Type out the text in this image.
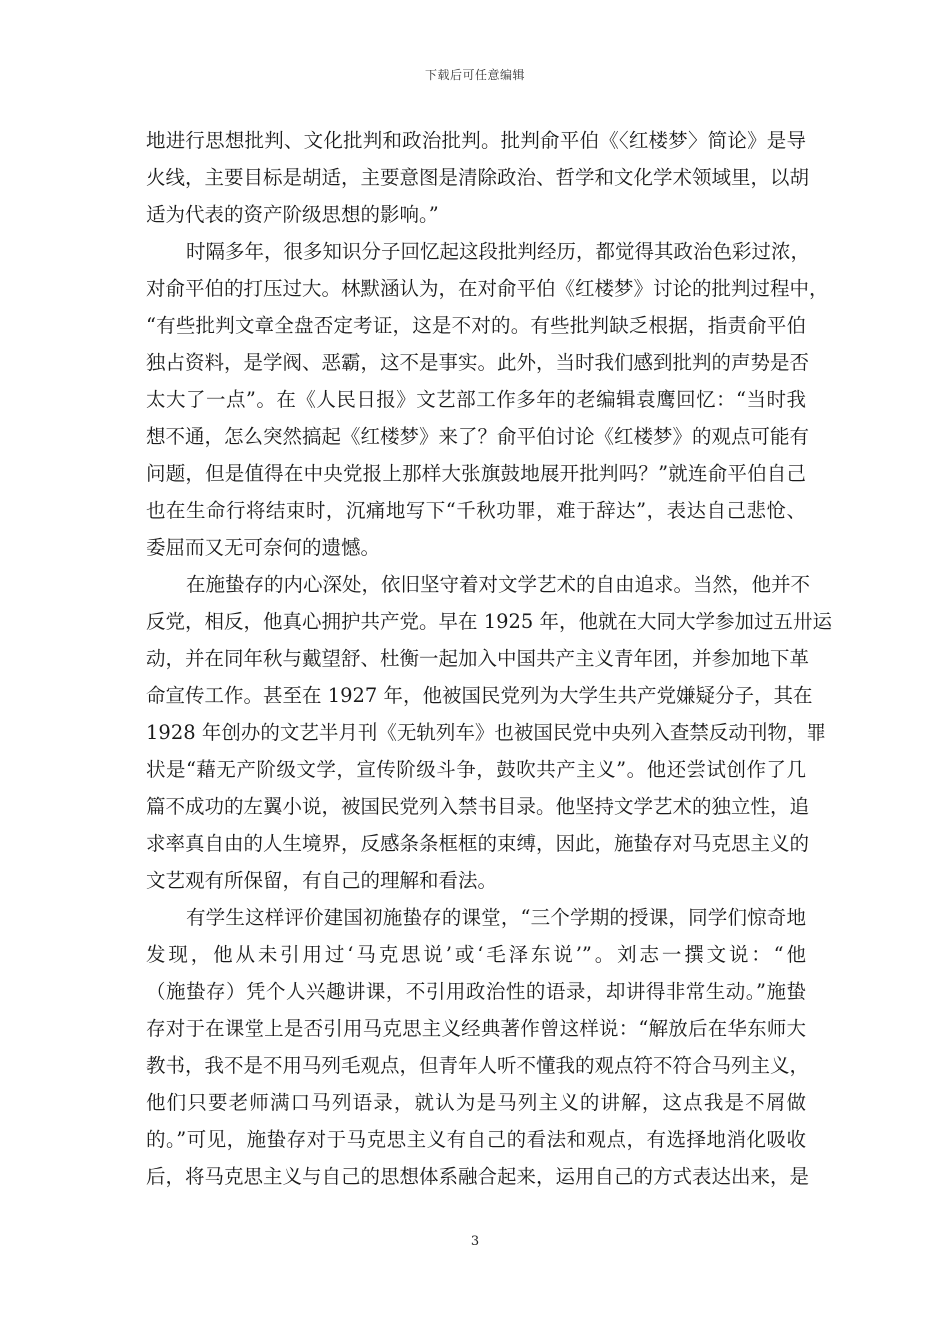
下载后可任意编辑
地进行思想批判、文化批判和政治批判。批判俞平伯《〈红楼梦〉简论》是导
火线，主要目标是胡适，主要意图是清除政治、哲学和文化学术领域里，以胡
适为代表的资产阶级思想的影响。”
时隔多年，很多知识分子回忆起这段批判经历，都觉得其政治色彩过浓，
对俞平伯的打压过大。林默涵认为，在对俞平伯《红楼梦》讨论的批判过程中，
“有些批判文章全盘否定考证，这是不对的。有些批判缺乏根据，指责俞平伯
独占资料，是学阀、恶霸，这不是事实。此外，当时我们感到批判的声势是否
太大了一点”。在《人民日报》文艺部工作多年的老编辑袁鹰回忆：“当时我
想不通，怎么突然搞起《红楼梦》来了？俞平伯讨论《红楼梦》的观点可能有
问题，但是值得在中央党报上那样大张旗鼓地展开批判吗？”就连俞平伯自己
也在生命行将结束时，沉痛地写下“千秋功罪，难于辞达”，表达自己悲怆、
委屈而又无可奈何的遗憾。
在施蛰存的内心深处，依旧坚守着对文学艺术的自由追求。当然，他并不
反党，相反，他真心拥护共产党。早在 1925 年，他就在大同大学参加过五卅运
动，并在同年秋与戴望舒、杜衡一起加入中国共产主义青年团，并参加地下革
命宣传工作。甚至在 1927 年，他被国民党列为大学生共产党嫌疑分子，其在
1928 年创办的文艺半月刊《无轨列车》也被国民党中央列入查禁反动刊物，罪
状是“藉无产阶级文学，宣传阶级斗争，鼓吹共产主义”。他还尝试创作了几
篇不成功的左翼小说，被国民党列入禁书目录。他坚持文学艺术的独立性，追
求率真自由的人生境界，反感条条框框的束缚，因此，施蛰存对马克思主义的
文艺观有所保留，有自己的理解和看法。
有学生这样评价建国初施蛰存的课堂，“三个学期的授课，同学们惊奇地
发现，他从未引用过‘马克思说’或‘毛泽东说’”。刘志一撰文说：“他
（施蛰存）凭个人兴趣讲课，不引用政治性的语录，却讲得非常生动。”施蛰
存对于在课堂上是否引用马克思主义经典著作曾这样说：“解放后在华东师大
教书，我不是不用马列毛观点，但青年人听不懂我的观点符不符合马列主义，
他们只要老师满口马列语录，就认为是马列主义的讲解，这点我是不屑做
的。”可见，施蛰存对于马克思主义有自己的看法和观点，有选择地消化吸收
后，将马克思主义与自己的思想体系融合起来，运用自己的方式表达出来，是
3
